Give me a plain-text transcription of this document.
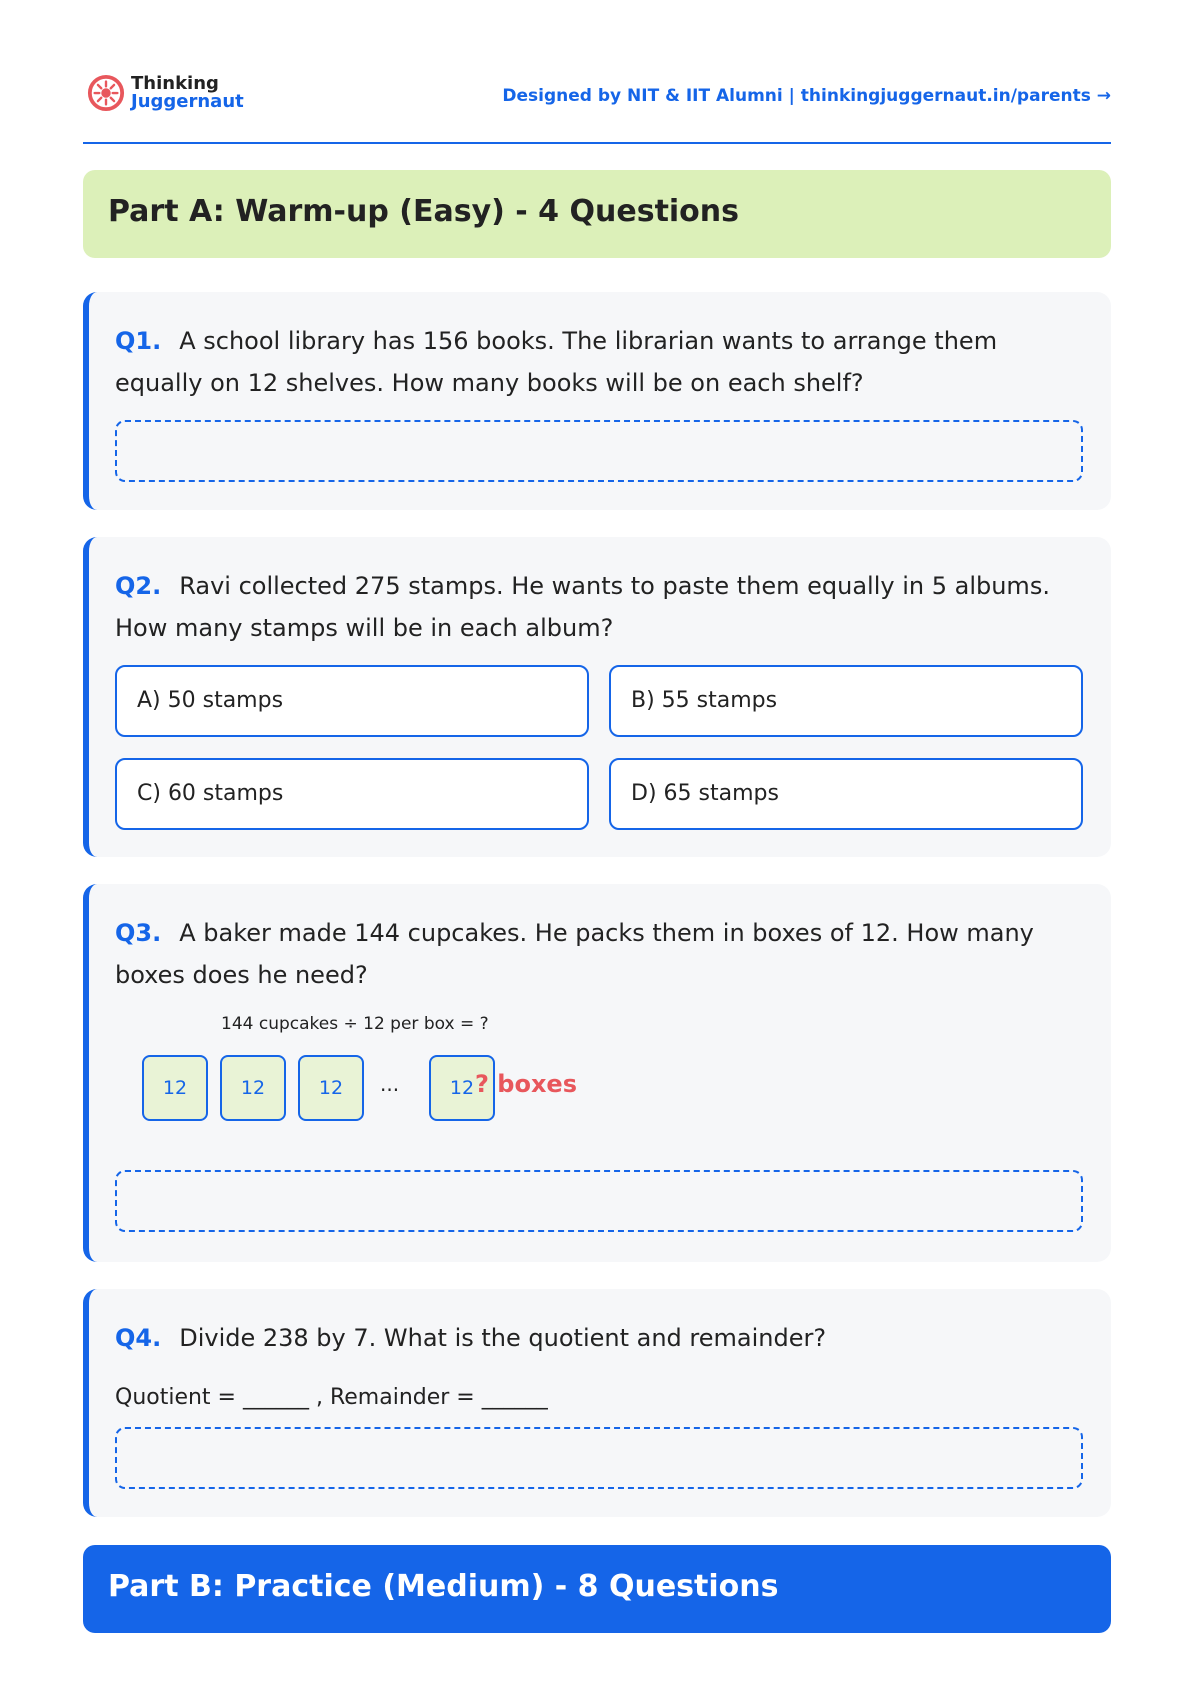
Thinking
Juggernaut	Designed by NIT & IIT Alumni | thinkingjuggernaut.in/parents →
Part A: Warm-up (Easy) - 4 Questions
Q1. A school library has 156 books. The librarian wants to arrange them equally on 12 shelves. How many books will be on each shelf?
Q2. Ravi collected 275 stamps. He wants to paste them equally in 5 albums. How many stamps will be in each album?
A) 50 stamps	B) 55 stamps
C) 60 stamps	D) 65 stamps
Q3. A baker made 144 cupcakes. He packs them in boxes of 12. How many boxes does he need?
144 cupcakes ÷ 12 per box = ?
12	12	12	...	12 ? boxes
Q4. Divide 238 by 7. What is the quotient and remainder?
Quotient = ______ , Remainder = ______
Part B: Practice (Medium) - 8 Questions
